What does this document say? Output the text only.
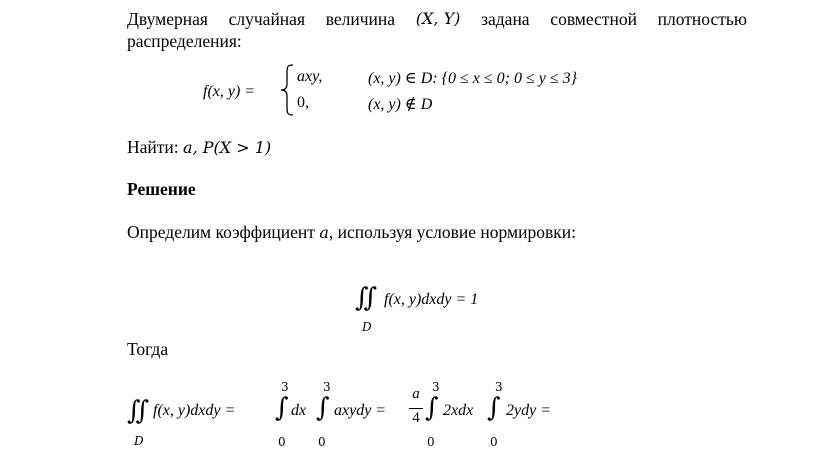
Двумерная случайная величина (X, Y) задана совместной плотностью
распределения:
f(x, y) =
axy,	(x, y) ∈ D: {0 ≤ x ≤ 0; 0 ≤ y ≤ 3}
0,	(x, y) ∉ D
Найти: a, P(X > 1)
Решение
Определим коэффициент a, используя условие нормировки:
∬
D
f(x, y)dxdy = 1
Тогда
∬
D
f(x, y)dxdy =
3
∫
0
dx
3
∫
0
axydy =
a
4
3
∫
0
2xdx
3
∫
0
2ydy =
